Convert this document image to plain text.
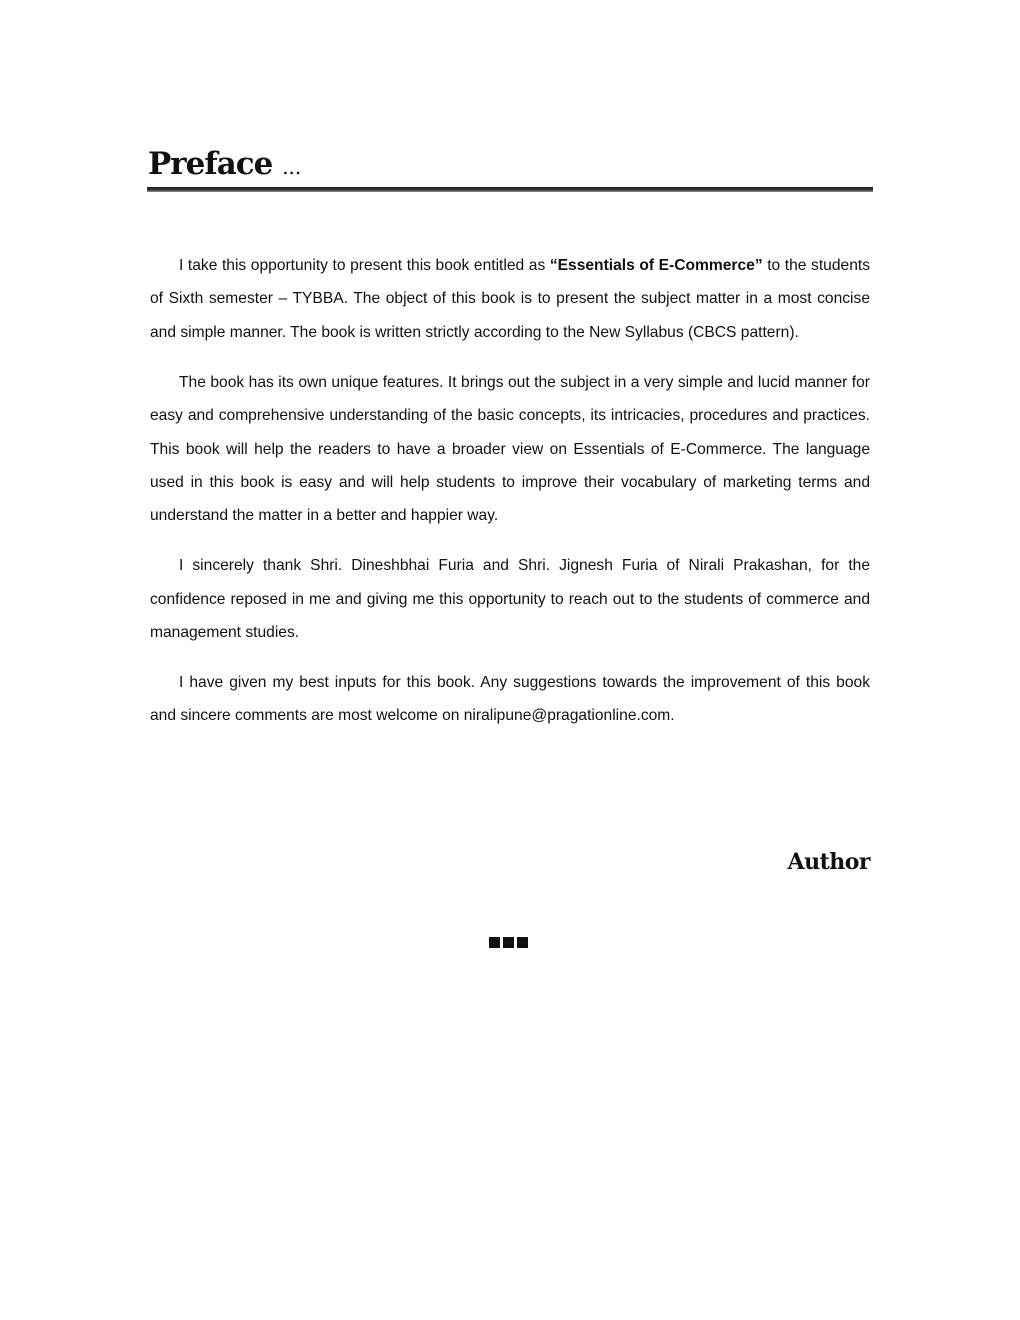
Preface ...

I take this opportunity to present this book entitled as “Essentials of E-Commerce” to the students of Sixth semester – TYBBA. The object of this book is to present the subject matter in a most concise and simple manner. The book is written strictly according to the New Syllabus (CBCS pattern).

The book has its own unique features. It brings out the subject in a very simple and lucid manner for easy and comprehensive understanding of the basic concepts, its intricacies, procedures and practices. This book will help the readers to have a broader view on Essentials of E-Commerce. The language used in this book is easy and will help students to improve their vocabulary of marketing terms and understand the matter in a better and happier way.

I sincerely thank Shri. Dineshbhai Furia and Shri. Jignesh Furia of Nirali Prakashan, for the confidence reposed in me and giving me this opportunity to reach out to the students of commerce and management studies.

I have given my best inputs for this book. Any suggestions towards the improvement of this book and sincere comments are most welcome on niralipune@pragationline.com.

Author
